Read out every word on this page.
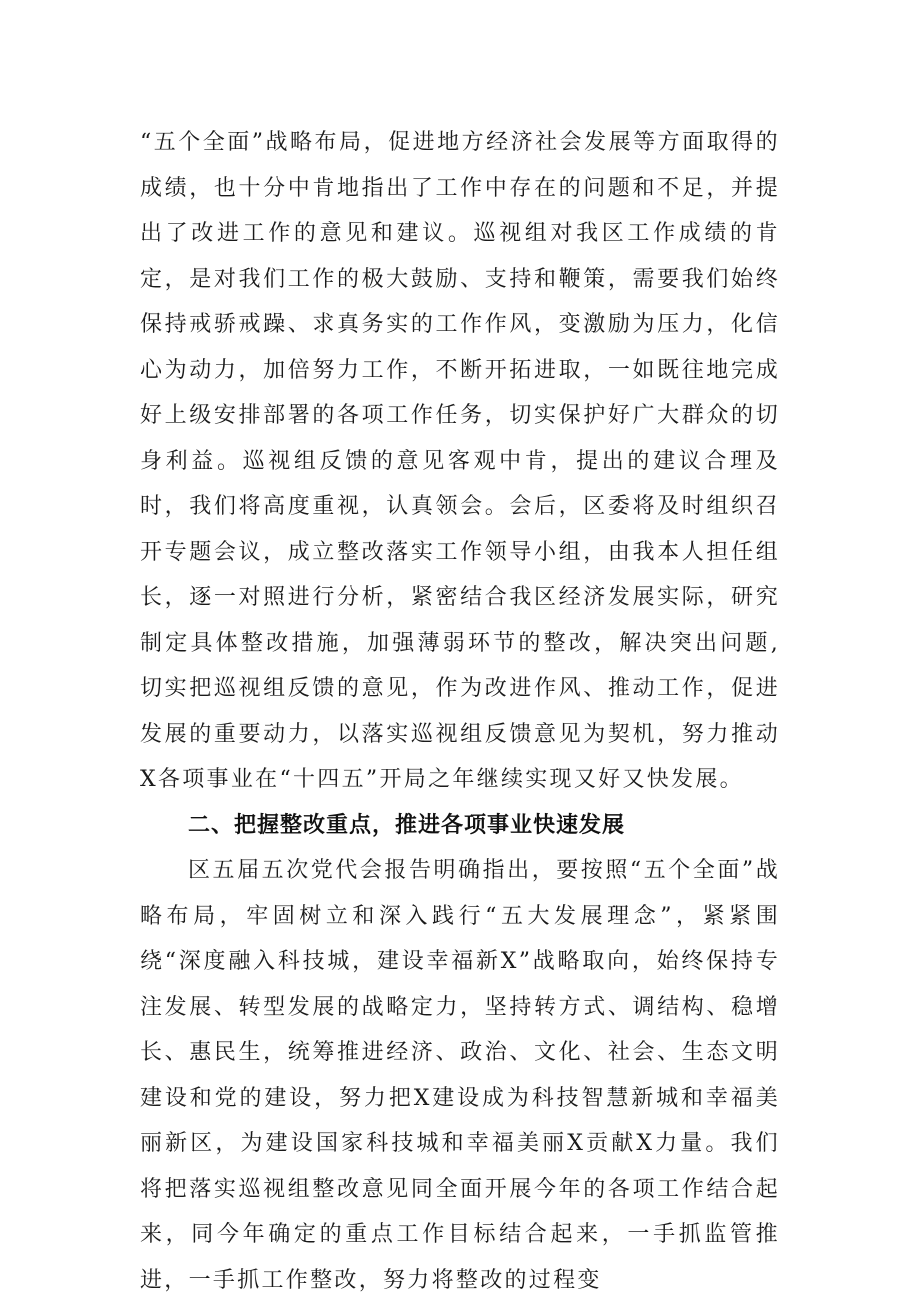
“五个全面”战略布局，促进地方经济社会发展等方面取得的成绩，也十分中肯地指出了工作中存在的问题和不足，并提出了改进工作的意见和建议。巡视组对我区工作成绩的肯定，是对我们工作的极大鼓励、支持和鞭策，需要我们始终保持戒骄戒躁、求真务实的工作作风，变激励为压力，化信心为动力，加倍努力工作，不断开拓进取，一如既往地完成好上级安排部署的各项工作任务，切实保护好广大群众的切身利益。巡视组反馈的意见客观中肯，提出的建议合理及时，我们将高度重视，认真领会。会后，区委将及时组织召开专题会议，成立整改落实工作领导小组，由我本人担任组长，逐一对照进行分析，紧密结合我区经济发展实际，研究制定具体整改措施，加强薄弱环节的整改，解决突出问题,切实把巡视组反馈的意见，作为改进作风、推动工作，促进发展的重要动力，以落实巡视组反馈意见为契机，努力推动X各项事业在“十四五”开局之年继续实现又好又快发展。

二、把握整改重点，推进各项事业快速发展

区五届五次党代会报告明确指出，要按照“五个全面”战略布局，牢固树立和深入践行“五大发展理念”，紧紧围绕“深度融入科技城，建设幸福新X”战略取向，始终保持专注发展、转型发展的战略定力，坚持转方式、调结构、稳增长、惠民生，统筹推进经济、政治、文化、社会、生态文明建设和党的建设，努力把X建设成为科技智慧新城和幸福美丽新区，为建设国家科技城和幸福美丽X贡献X力量。我们将把落实巡视组整改意见同全面开展今年的各项工作结合起来，同今年确定的重点工作目标结合起来，一手抓监管推进，一手抓工作整改，努力将整改的过程变
